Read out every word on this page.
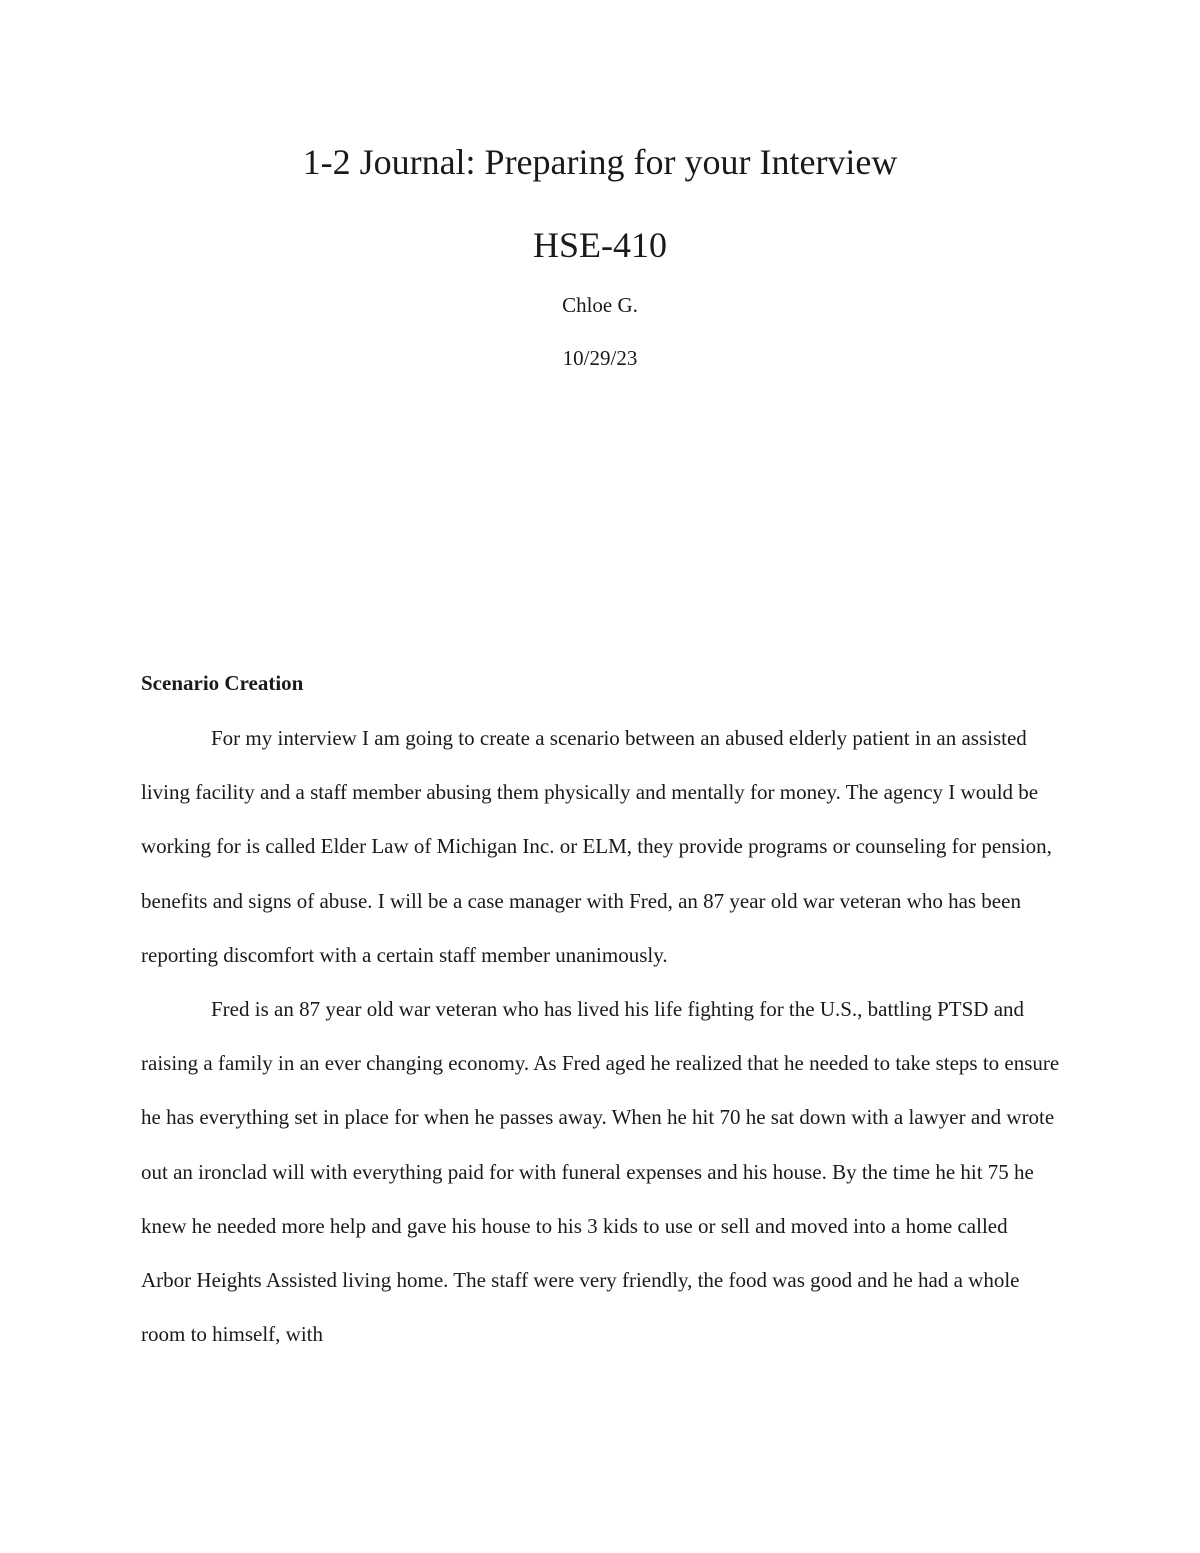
1-2 Journal: Preparing for your Interview
HSE-410
Chloe G.
10/29/23
Scenario Creation

For my interview I am going to create a scenario between an abused elderly patient in an assisted living facility and a staff member abusing them physically and mentally for money. The agency I would be working for is called Elder Law of Michigan Inc. or ELM, they provide programs or counseling for pension, benefits and signs of abuse. I will be a case manager with Fred, an 87 year old war veteran who has been reporting discomfort with a certain staff member unanimously.

Fred is an 87 year old war veteran who has lived his life fighting for the U.S., battling PTSD and raising a family in an ever changing economy. As Fred aged he realized that he needed to take steps to ensure he has everything set in place for when he passes away. When he hit 70 he sat down with a lawyer and wrote out an ironclad will with everything paid for with funeral expenses and his house. By the time he hit 75 he knew he needed more help and gave his house to his 3 kids to use or sell and moved into a home called Arbor Heights Assisted living home. The staff were very friendly, the food was good and he had a whole room to himself, with
